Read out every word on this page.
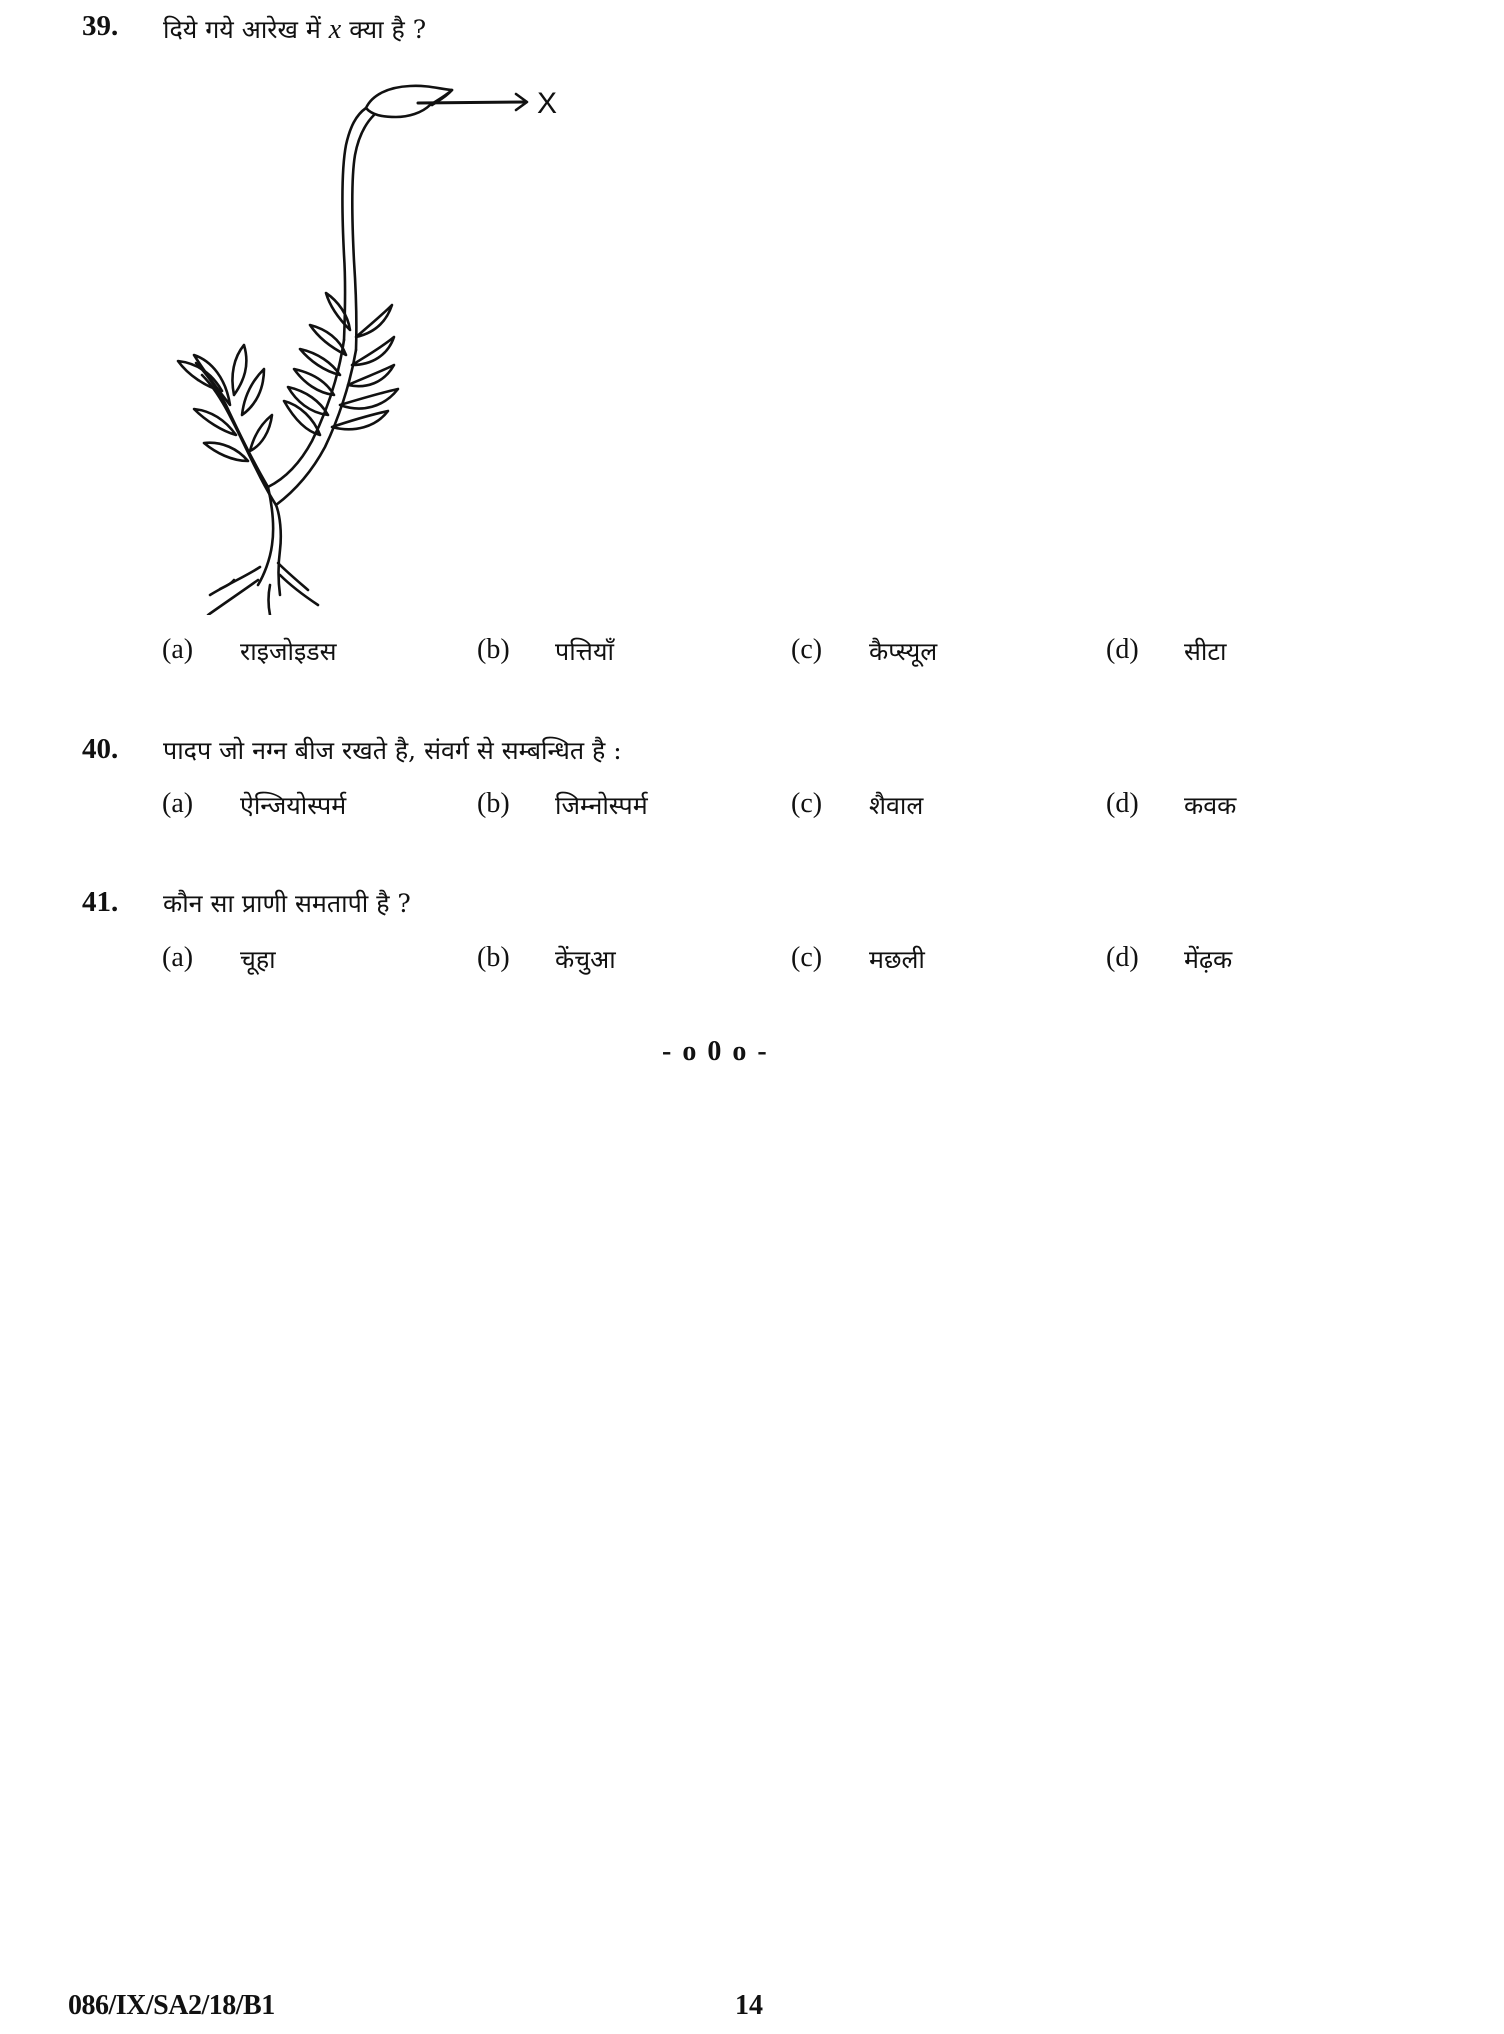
39. दिये गये आरेख में x क्या है ?
X
(a) राइजोइडस	(b) पत्तियाँ	(c) कैप्स्यूल	(d) सीटा
40. पादप जो नग्न बीज रखते है, संवर्ग से सम्बन्धित है :
(a) ऐन्जियोस्पर्म	(b) जिम्नोस्पर्म	(c) शैवाल	(d) कवक
41. कौन सा प्राणी समतापी है ?
(a) चूहा	(b) केंचुआ	(c) मछली	(d) मेंढ़क
- o 0 o -
086/IX/SA2/18/B1	14
